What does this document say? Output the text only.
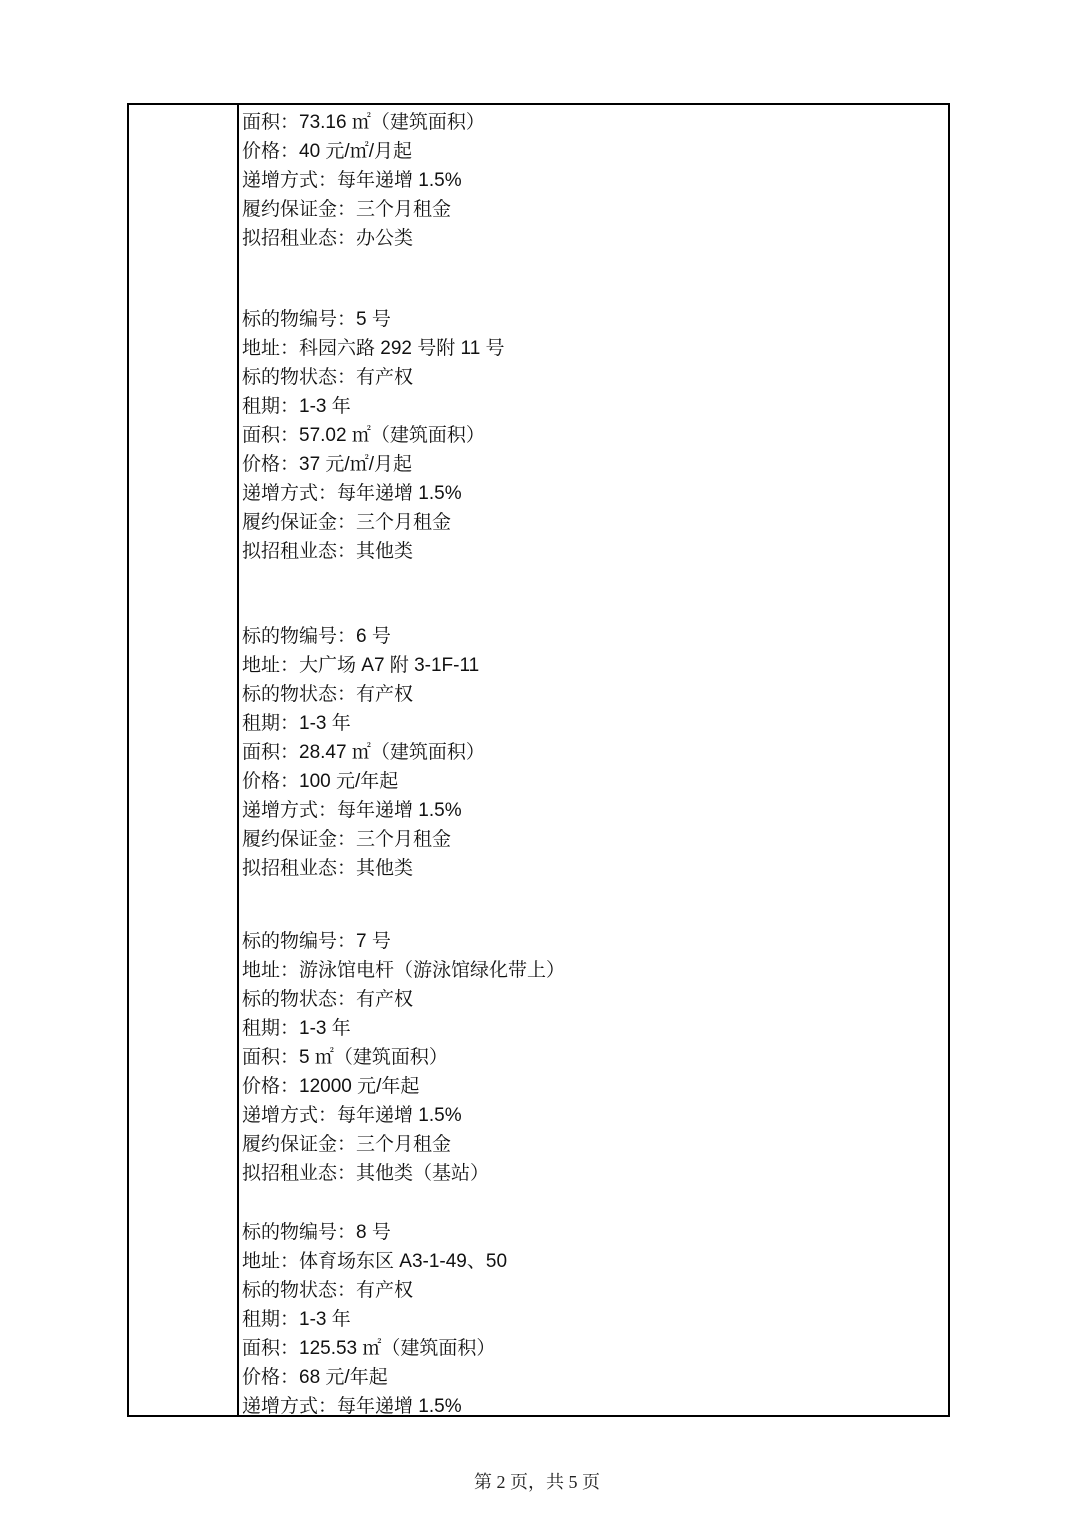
面积：73.16 ㎡（建筑面积）
价格：40 元/㎡/月起
递增方式：每年递增 1.5%
履约保证金：三个月租金
拟招租业态：办公类
标的物编号：5 号
地址：科园六路 292 号附 11 号
标的物状态：有产权
租期：1-3 年
面积：57.02 ㎡（建筑面积）
价格：37 元/㎡/月起
递增方式：每年递增 1.5%
履约保证金：三个月租金
拟招租业态：其他类
标的物编号：6 号
地址：大广场 A7 附 3-1F-11
标的物状态：有产权
租期：1-3 年
面积：28.47 ㎡（建筑面积）
价格：100 元/年起
递增方式：每年递增 1.5%
履约保证金：三个月租金
拟招租业态：其他类
标的物编号：7 号
地址：游泳馆电杆（游泳馆绿化带上）
标的物状态：有产权
租期：1-3 年
面积：5 ㎡（建筑面积）
价格：12000 元/年起
递增方式：每年递增 1.5%
履约保证金：三个月租金
拟招租业态：其他类（基站）
标的物编号：8 号
地址：体育场东区 A3-1-49、50
标的物状态：有产权
租期：1-3 年
面积：125.53 ㎡（建筑面积）
价格：68 元/年起
递增方式：每年递增 1.5%
第 2 页，共 5 页
